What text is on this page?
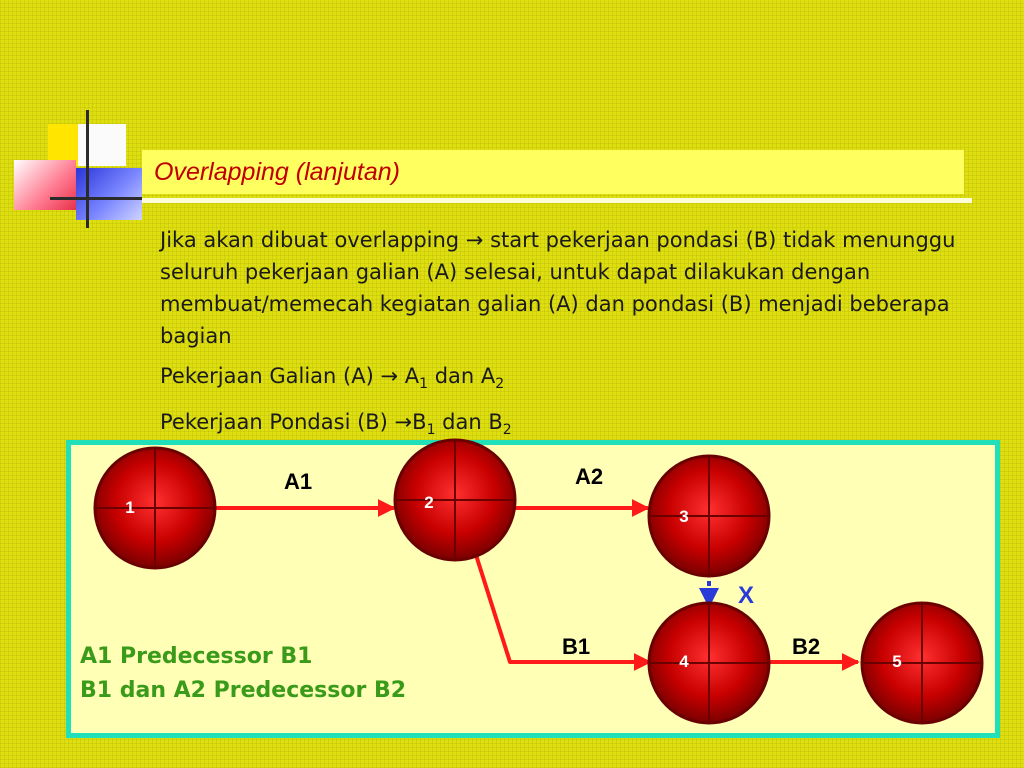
Overlapping (lanjutan)

Jika akan dibuat overlapping → start pekerjaan pondasi (B) tidak menunggu seluruh pekerjaan galian (A) selesai, untuk dapat dilakukan dengan membuat/memecah kegiatan galian (A) dan pondasi (B) menjadi beberapa bagian

Pekerjaan Galian $(A) \to A_1$ dan $A_2$

Pekerjaan Pondasi $(B) \to B_1$ dan $B_2$

1	2
3
4	5
A1	A2
B1	B2
X
A1 Predecessor B1
B1 dan A2 Predecessor B2
